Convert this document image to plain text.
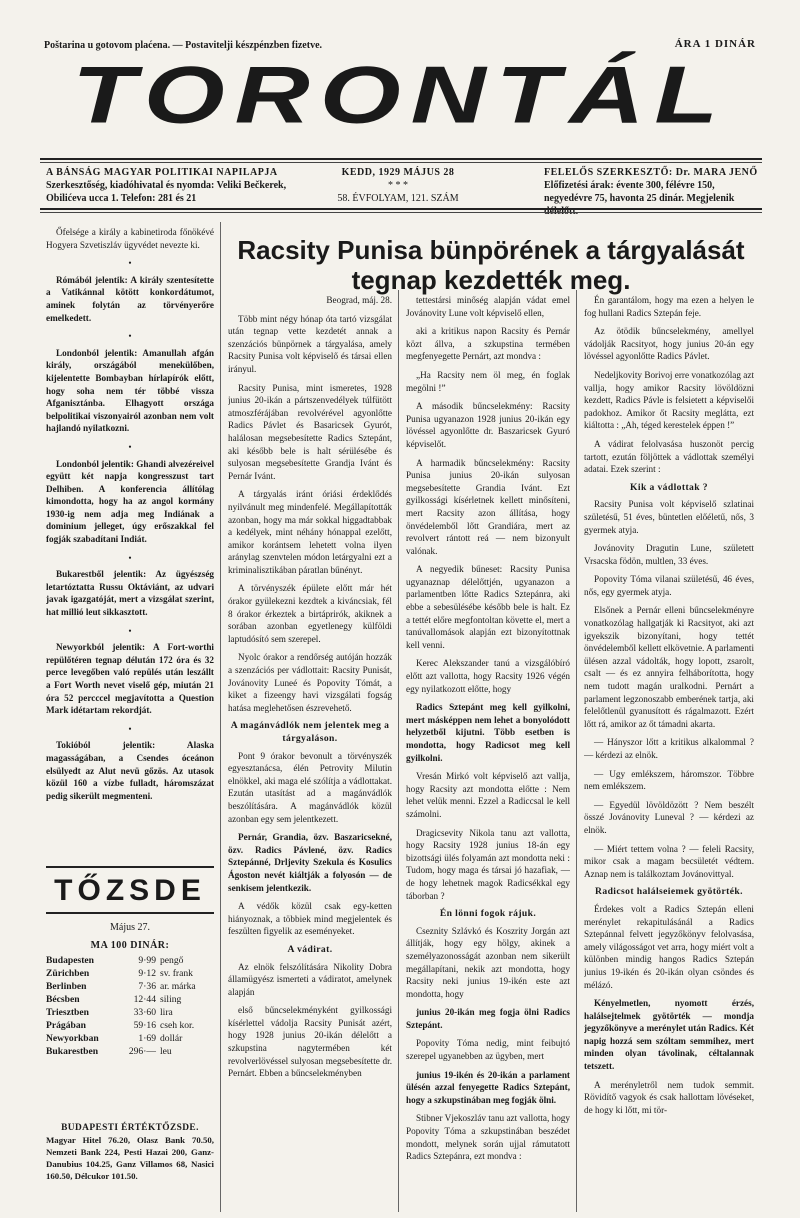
Poštarina u gotovom plaćena. — Postavitelji készpénzben fizetve.	ÁRA 1 DINÁR
TORONTÁL
A BÁNSÁG MAGYAR POLITIKAI NAPILAPJA
Szerkesztőség, kiadóhivatal és nyomda: Veliki Bečkerek, Obilićeva ucca 1. Telefon: 281 és 21
KEDD, 1929 MÁJUS 28
* * *
58. ÉVFOLYAM, 121. SZÁM
FELELŐS SZERKESZTŐ: Dr. MARA JENŐ
Előfizetési árak: évente 300, félévre 150, negyedévre 75, havonta 25 dinár. Megjelenik délelőtt.

Őfelsége a király a kabinetiroda főnökévé Hogyera Szvetiszláv ügyvédet nevezte ki.

•

Rómából jelentik: A király szentesítette a Vatikánnal kötött konkordátumot, aminek folytán az törvényerőre emelkedett.

•

Londonból jelentik: Amanullah afgán király, országából menekülőben, kijelentette Bombayban hírlapírók előtt, hogy soha nem tér többé vissza Afganisztánba. Elhagyott országa belpolitikai viszonyairól azonban nem volt hajlandó nyilatkozni.

•

Londonból jelentik: Ghandi alvezéreivel együtt két napja kongresszust tart Delhiben. A konferencia állítólag kimondotta, hogy ha az angol kormány 1930-ig nem adja meg Indiának a dominium jelleget, úgy erőszakkal fel fogják szabadítani Indiát.

•

Bukarestből jelentik: Az ügyészség letartóztatta Russu Oktáviánt, az udvari javak igazgatóját, mert a vizsgálat szerint, hat millió leut sikkasztott.

•

Newyorkból jelentik: A Fort-worthi repülőtéren tegnap délután 172 óra és 32 perce levegőben való repülés után leszállt a Fort Worth nevet viselő gép, miután 21 óra 52 percccel megjavította a Question Mark idétartam rekordját.

•

Tokióból jelentik: Alaska magasságában, a Csendes óceánon elsülyedt az Alut nevü gőzös. Az utasok közül 160 a vízbe fulladt, háromszázat pedig sikerült megmenteni.

TŐZSDE
Május 27.
MA 100 DINÁR:
Budapesten	9·99 pengő
Zürichben	9·12 sv. frank
Berlinben	7·36 ar. márka
Bécsben	12·44 siling
Triesztben	33·60 lira
Prágában	59·16 cseh kor.
Newyorkban	1·69 dollár
Bukarestben	296·— leu
BUDAPESTI ÉRTÉKTŐZSDE.
Magyar Hitel 76.20, Olasz Bank 70.50, Nemzeti Bank 224, Pesti Hazai 200, Ganz-Danubius 104.25, Ganz Villamos 68, Nasici 160.50, Délcukor 101.50.
Racsity Punisa bünpörének a tárgyalását
tegnap kezdették meg.

Beograd, máj. 28.

Több mint négy hónap óta tartó vizsgálat után tegnap vette kezdetét annak a szenzációs bünpörnek a tárgyalása, amely Racsity Punisa volt képviselő és társai ellen irányul.

Racsity Punisa, mint ismeretes, 1928 junius 20-ikán a pártszenvedélyek túlfütött atmoszférájában revolvérével agyonlőtte Radics Pávlet és Basaricsek Gyurót, halálosan megsebesítette Radics Sztepánt, aki később bele is halt sérülésébe és sulyosan megsebesítette Grandja Ivánt és Pernár Ivánt.

A tárgyalás iránt óriási érdeklődés nyilvánult meg mindenfelé. Megállapították azonban, hogy ma már sokkal higgadtabbak a kedélyek, mint néhány hónappal ezelőtt, amikor korántsem lehetett volna ilyen aránylag szenvtelen módon letárgyalni ezt a kriminalisztikában páratlan bűnényt.

A törvényszék épülete előtt már hét órakor gyülekezni kezdtek a kiváncsiak, fél 8 órakor érkeztek a birtáprirók, akiknek a sorában azonban egyetlenegy külföldi laptudósító sem szerepel.

Nyolc órakor a rendőrség autóján hozzák a szenzációs per vádlottait: Racsity Punisát, Jovánovity Luneé és Popovity Tómát, a kiket a fizeengy havi vizsgálati fogság hatása meglehetősen észrevehető.

A magánvádlók nem jelentek meg a tárgyaláson.

Pont 9 órakor bevonult a törvényszék egyesztanácsa, élén Petrovity Milutin elnökkel, aki maga elé szólítja a vádlottakat. Ezután utasítást ad a magánvádlók beszólítására. A magánvádlók közül azonban egy sem jelentkezett.

Pernár, Grandia, özv. Baszaricsekné, özv. Radics Pávlené, özv. Radics Sztepánné, Drljevity Szekula és Kosulics Ágoston nevét kiáltják a folyosón — de senkisem jelentkezik.

A védők közül csak egy-ketten hiányoznak, a többiek mind megjelentek és feszülten figyelik az eseményeket.

A vádirat.

Az elnök felszólítására Nikolity Dobra államügyész ismerteti a vádiratot, amelynek alapján

első bűncselekményként gyilkossági kísérlettel vádolja Racsity Punisát azért, hogy 1928 junius 20-ikán délelőtt a szkupstina nagytermében két revolverlövéssel sulyosan megsebesítette dr. Pernárt. Ebben a bűncselekményben

tettestársi minőség alapján vádat emel Jovánovity Lune volt képviselő ellen,

aki a kritikus napon Racsity és Pernár közt állva, a szkupstina termében megfenyegette Pernárt, azt mondva :

„Ha Racsity nem öl meg, én foglak megölni !”

A második bűncselekmény: Racsity Punisa ugyanazon 1928 junius 20-ikán egy lövéssel agyonlőtte dr. Baszaricsek Gyuró képviselőt.

A harmadik bűncselekmény: Racsity Punisa junius 20-ikán sulyosan megsebesítette Grandia Ivánt. Ezt gyilkossági kísérletnek kellett minősíteni, mert Racsity azon állítása, hogy önvédelemből lőtt Grandiára, mert az revolvert rántott reá — nem bizonyult valónak.

A negyedik bűneset: Racsity Punisa ugyanaznap délelőttjén, ugyanazon a parlamentben lőtte Radics Sztepánra, aki ebbe a sebesülésébe később bele is halt. Ez a tettét előre megfontoltan követte el, mert a tanúvallomások alapján ezt bizonyítottnak kell venni.

Kerec Alekszander tanú a vizsgálóbíró előtt azt vallotta, hogy Racsity 1926 végén egy nyilatkozott előtte, hogy

Radics Sztepánt meg kell gyilkolni, mert másképpen nem lehet a bonyolódott helyzetből kijutni. Több esetben is mondotta, hogy Radicsot meg kell gyilkolni.

Vresán Mirkó volt képviselő azt vallja, hogy Racsity azt mondotta előtte : Nem lehet velük menni. Ezzel a Radiccsal le kell számolni.

Dragicsevity Nikola tanu azt vallotta, hogy Racsity 1928 junius 18-án egy bizottsági ülés folyamán azt mondotta neki : Tudom, hogy maga és társai jó hazafiak, — de hogy lehetnek magok Radicsékkal egy táborban ?

Én lönni fogok rájuk.

Cseznity Szlávkó és Koszrity Jorgán azt állítják, hogy egy hölgy, akinek a személyazonosságát azonban nem sikerült megállapítani, nekik azt mondotta, hogy Racsity neki junius 19-ikén este azt mondotta, hogy

junius 20-ikán meg fogja ölni Radics Sztepánt.

Popovity Tóma nedig, mint feibujtó szerepel ugyanebben az ügyben, mert

junius 19-ikén és 20-ikán a parlament ülésén azzal fenyegette Radics Sztepánt, hogy a szkupstinában meg fogják ölni.

Stibner Vjekoszláv tanu azt vallotta, hogy Popovity Tóma a szkupstinában beszédet mondott, melynek során ujjal rámutatott Radics Sztepánra, ezt mondva :

Én garantálom, hogy ma ezen a helyen le fog hullani Radics Sztepán feje.

Az ötödik bűncselekmény, amellyel vádolják Racsityot, hogy junius 20-án egy lövéssel agyonlőtte Radics Pávlet.

Nedeljkovity Borivoj erre vonatkozólag azt vallja, hogy amikor Racsity lövöldözni kezdett, Radics Pávle is felsietett a képviselői padokhoz. Amikor őt Racsity meglátta, ezt kiáltotta : „Ah, téged kerestelek éppen !”

A vádirat felolvasása huszonöt percig tartott, ezután följöttek a vádlottak személyi adatai. Ezek szerint :

Kik a vádlottak ?

Racsity Punisa volt képviselő szlatinai születésű, 51 éves, büntetlen előéletű, nős, 3 gyermek atyja.

Jovánovity Dragutin Lune, született Vrsacska födön, multlen, 33 éves.

Popovity Tóma vilanai születésű, 46 éves, nős, egy gyermek atyja.

Elsőnek a Pernár elleni bűncselekményre vonatkozólag hallgatják ki Racsityot, aki azt igyekszik bizonyítani, hogy tettét önvédelemből kellett elkövetnie. A parlamenti ülésen azzal vádolták, hogy lopott, zsarolt, csalt — és ez annyira felháborította, hogy nem tudott magán uralkodni. Pernárt a parlament legzonoszabb emberének tartja, aki felelőtlenül gyanusított és rágalmazott. Ezért lőtt rá, amikor az őt támadni akarta.

— Hányszor lőtt a kritikus alkalommal ? — kérdezi az elnök.

— Ugy emlékszem, háromszor. Többre nem emlékszem.

— Egyedül lövöldözött ? Nem beszélt összé Jovánovity Luneval ? — kérdezi az elnök.

— Miért tettem volna ? — feleli Racsity, mikor csak a magam becsületét védtem. Aznap nem is találkoztam Jovánovittyal.

Radicsot halálseiemek gyötörték.

Érdekes volt a Radics Sztepán elleni merénylet rekapitulásánál a Radics Sztepánnal felvett jegyzőkönyv felolvasása, amely világosságot vet arra, hogy miért volt a különben mindig hangos Radics Sztepán junius 19-ikén és 20-ikán olyan csöndes és mélázó.

Kényelmetlen, nyomott érzés, halálsejtelmek gyötörték — mondja jegyzőkönyve a merénylet után Radics. Két napig hozzá sem szóltam semmihez, mert minden olyan távolinak, céltalannak tetszett.

A merényletről nem tudok semmit. Rövidítő vagyok és csak hallottam lövéseket, de hogy ki lőtt, mi tör-
